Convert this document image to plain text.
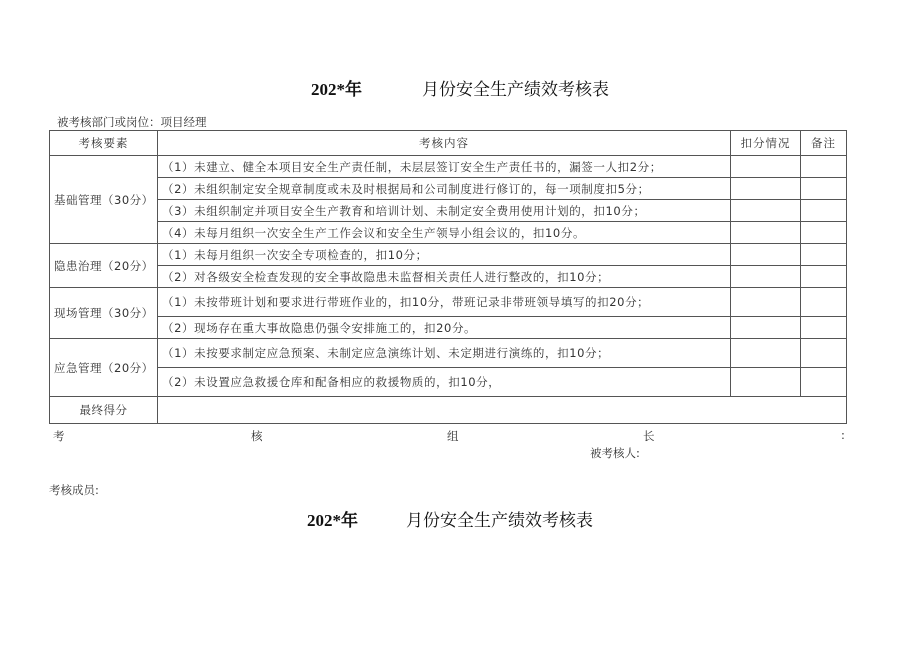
202*年	月份安全生产绩效考核表
被考核部门或岗位：项目经理
考核要素	考核内容	扣分情况	备注
基础管理（30分）	（1）未建立、健全本项目安全生产责任制，未层层签订安全生产责任书的，漏签一人扣2分；		
	（2）未组织制定安全规章制度或未及时根据局和公司制度进行修订的，每一项制度扣5分；		
	（3）未组织制定并项目安全生产教育和培训计划、未制定安全费用使用计划的，扣10分；		
	（4）未每月组织一次安全生产工作会议和安全生产领导小组会议的，扣10分。		
隐患治理（20分）	（1）未每月组织一次安全专项检查的，扣10分；		
	（2）对各级安全检查发现的安全事故隐患未监督相关责任人进行整改的，扣10分；		
现场管理（30分）	（1）未按带班计划和要求进行带班作业的，扣10分，带班记录非带班领导填写的扣20分；		
	（2）现场存在重大事故隐患仍强令安排施工的，扣20分。		
应急管理（20分）	（1）未按要求制定应急预案、未制定应急演练计划、未定期进行演练的，扣10分；		
	（2）未设置应急救援仓库和配备相应的救援物质的，扣10分，		
最终得分			
考	核	组	长	:
被考核人:
考核成员:
202*年	月份安全生产绩效考核表
